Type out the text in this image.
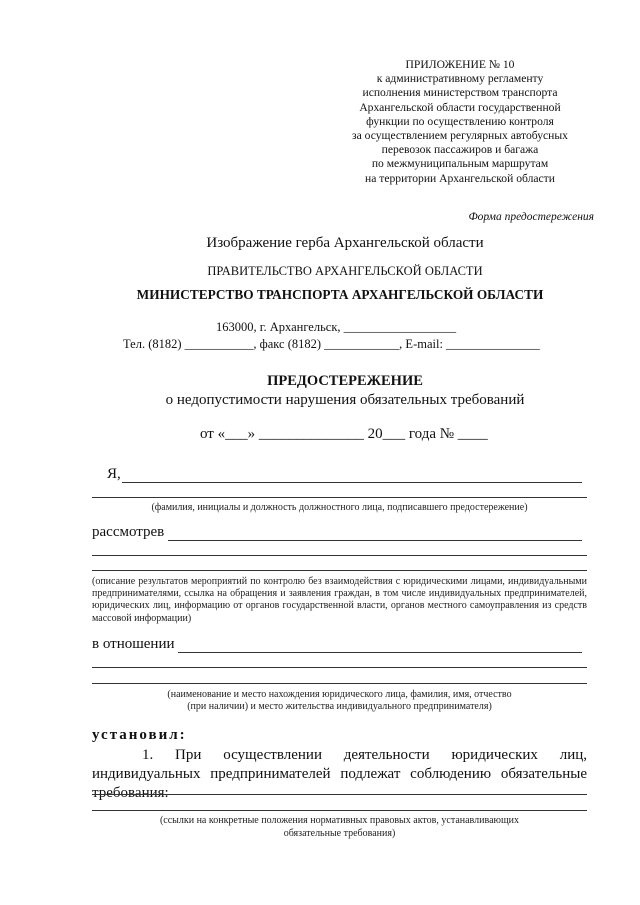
ПРИЛОЖЕНИЕ № 10
к административному регламенту
исполнения министерством транспорта
Архангельской области государственной
функции по осуществлению контроля
за осуществлением регулярных автобусных
перевозок пассажиров и багажа
по межмуниципальным маршрутам
на территории Архангельской области
Форма предостережения
Изображение герба Архангельской области
ПРАВИТЕЛЬСТВО АРХАНГЕЛЬСКОЙ ОБЛАСТИ
МИНИСТЕРСТВО ТРАНСПОРТА АРХАНГЕЛЬСКОЙ ОБЛАСТИ
163000, г. Архангельск, __________________
Тел. (8182) ___________, факс (8182) ____________, E-mail: _______________
ПРЕДОСТЕРЕЖЕНИЕ
о недопустимости нарушения обязательных требований
от «___» ______________ 20___ года № ____
Я,
(фамилия, инициалы и должность должностного лица, подписавшего предостережение)
рассмотрев
(описание результатов мероприятий по контролю без взаимодействия с юридическими лицами, индивидуальными предпринимателями, ссылка на обращения и заявления граждан, в том числе индивидуальных предпринимателей, юридических лиц, информацию от органов государственной власти, органов местного самоуправления из средств массовой информации)
в отношении
(наименование и место нахождения юридического лица, фамилия, имя, отчество
(при наличии) и место жительства индивидуального предпринимателя)
установил:
1. При осуществлении деятельности юридических лиц, индивидуальных предпринимателей подлежат соблюдению обязательные требования:
(ссылки на конкретные положения нормативных правовых актов, устанавливающих
обязательные требования)
